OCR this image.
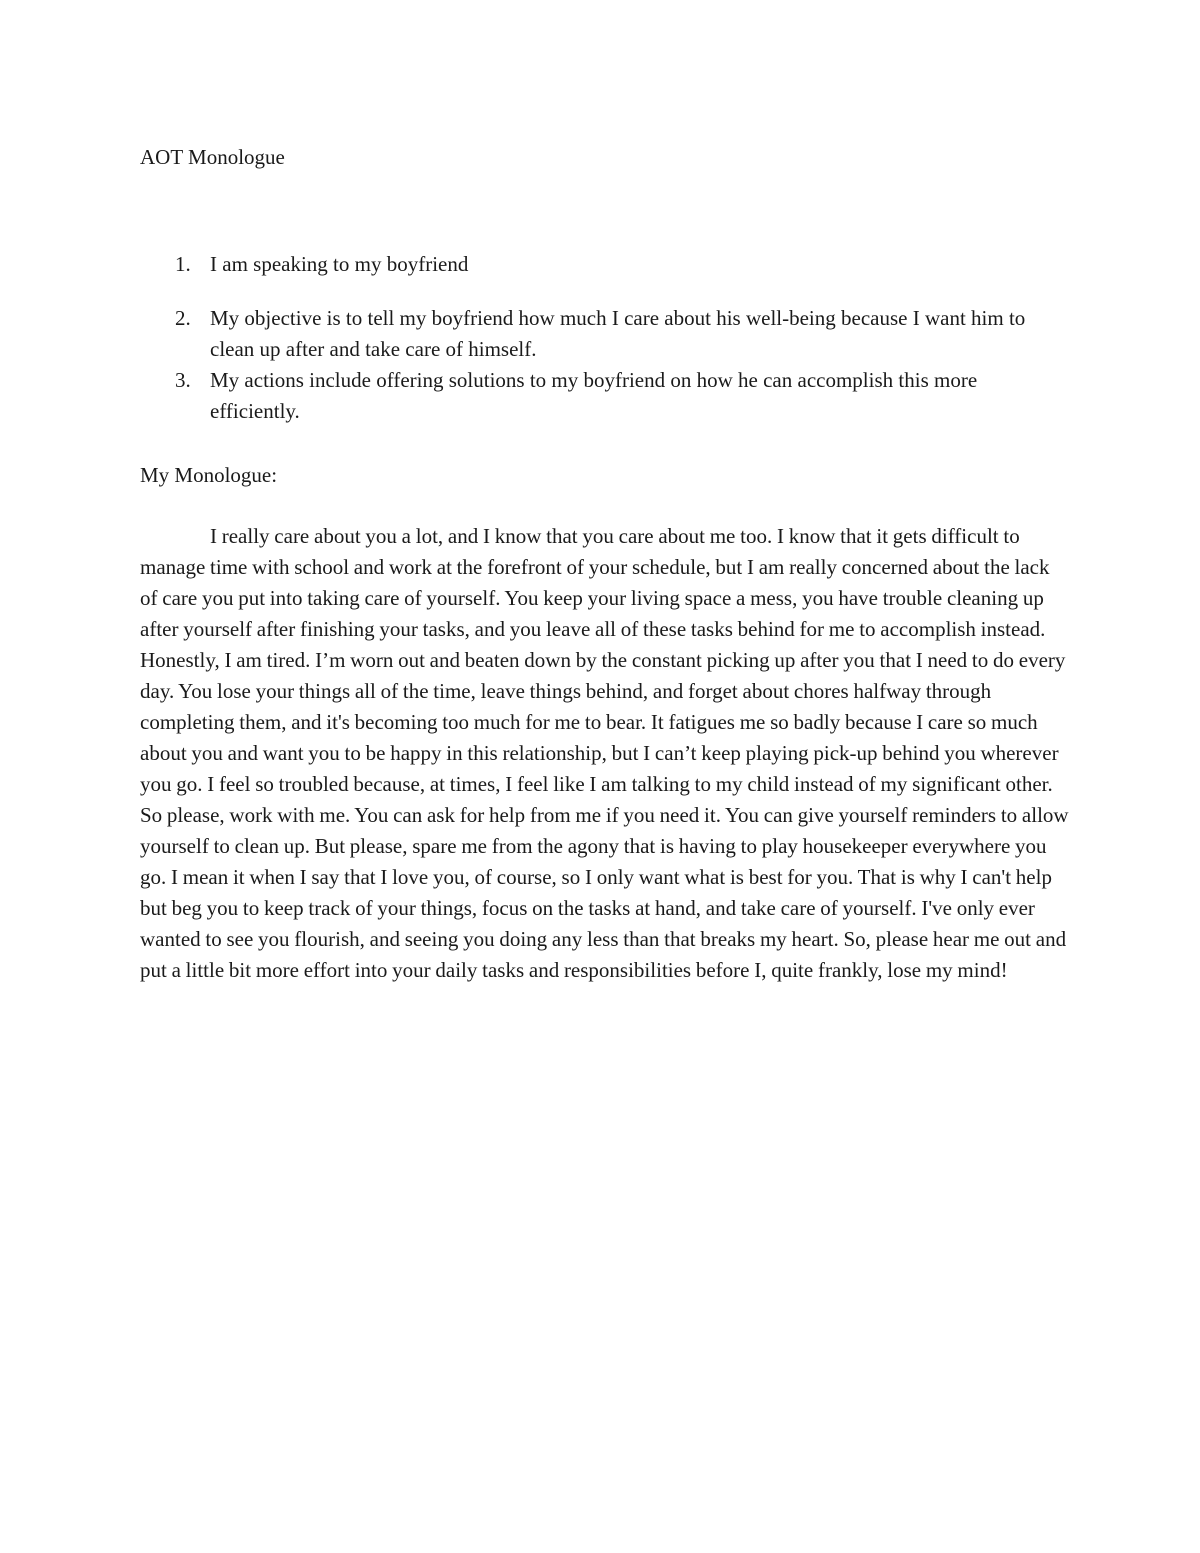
AOT Monologue
1. I am speaking to my boyfriend
2. My objective is to tell my boyfriend how much I care about his well-being because I want him to clean up after and take care of himself.
3. My actions include offering solutions to my boyfriend on how he can accomplish this more efficiently.
My Monologue:

I really care about you a lot, and I know that you care about me too. I know that it gets difficult to manage time with school and work at the forefront of your schedule, but I am really concerned about the lack of care you put into taking care of yourself. You keep your living space a mess, you have trouble cleaning up after yourself after finishing your tasks, and you leave all of these tasks behind for me to accomplish instead. Honestly, I am tired. I’m worn out and beaten down by the constant picking up after you that I need to do every day. You lose your things all of the time, leave things behind, and forget about chores halfway through completing them, and it's becoming too much for me to bear. It fatigues me so badly because I care so much about you and want you to be happy in this relationship, but I can’t keep playing pick-up behind you wherever you go. I feel so troubled because, at times, I feel like I am talking to my child instead of my significant other. So please, work with me. You can ask for help from me if you need it. You can give yourself reminders to allow yourself to clean up. But please, spare me from the agony that is having to play housekeeper everywhere you go. I mean it when I say that I love you, of course, so I only want what is best for you. That is why I can't help but beg you to keep track of your things, focus on the tasks at hand, and take care of yourself. I've only ever wanted to see you flourish, and seeing you doing any less than that breaks my heart. So, please hear me out and put a little bit more effort into your daily tasks and responsibilities before I, quite frankly, lose my mind!
